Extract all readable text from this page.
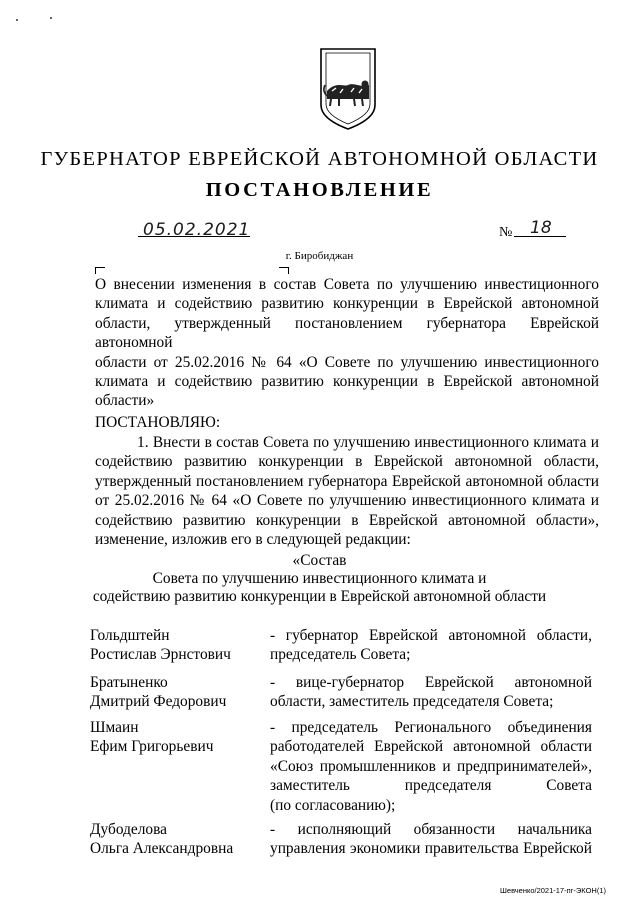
ГУБЕРНАТОР ЕВРЕЙСКОЙ АВТОНОМНОЙ ОБЛАСТИ
ПОСТАНОВЛЕНИЕ
05.02.2021	№ 18
г. Биробиджан
О внесении изменения в состав Совета по улучшению инвестиционного
климата и содействию развитию конкуренции в Еврейской автономной
области, утвержденный постановлением губернатора Еврейской автономной
области от 25.02.2016 № 64 «О Совете по улучшению инвестиционного
климата и содействию развитию конкуренции в Еврейской автономной
области»
ПОСТАНОВЛЯЮ:
1. Внести в состав Совета по улучшению инвестиционного климата и содействию развитию конкуренции в Еврейской автономной области, утвержденный постановлением губернатора Еврейской автономной области от 25.02.2016 № 64 «О Совете по улучшению инвестиционного климата и содействию развитию конкуренции в Еврейской автономной области», изменение, изложив его в следующей редакции:
«Состав
Совета по улучшению инвестиционного климата и
содействию развитию конкуренции в Еврейской автономной области
Гольдштейн
Ростислав Эрнстович
- губернатор Еврейской автономной области,
председатель Совета;
Братыненко
Дмитрий Федорович
- вице-губернатор Еврейской автономной
области, заместитель председателя Совета;
Шмаин
Ефим Григорьевич
- председатель Регионального объединения
работодателей Еврейской автономной области
«Союз промышленников и предпринимателей»,
заместитель председателя Совета
(по согласованию);
Дубоделова
Ольга Александровна
- исполняющий обязанности начальника
управления экономики правительства Еврейской
Шевченко/2021-17-пг-ЭКОН(1)
